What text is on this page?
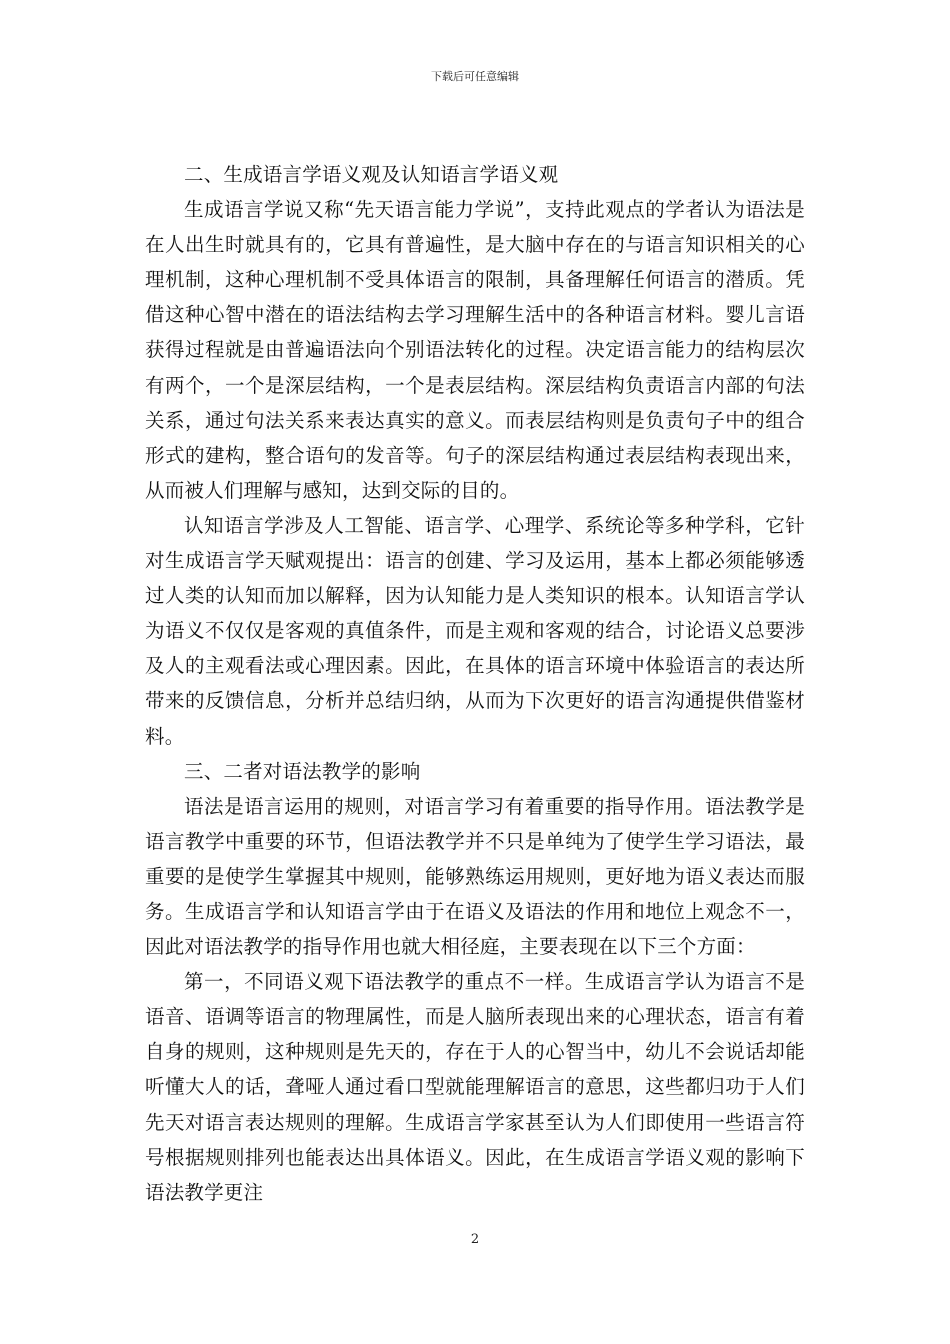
下载后可任意编辑

二、生成语言学语义观及认知语言学语义观

生成语言学说又称“先天语言能力学说”，支持此观点的学者认为语法是在人出生时就具有的，它具有普遍性，是大脑中存在的与语言知识相关的心理机制，这种心理机制不受具体语言的限制，具备理解任何语言的潜质。凭借这种心智中潜在的语法结构去学习理解生活中的各种语言材料。婴儿言语获得过程就是由普遍语法向个别语法转化的过程。决定语言能力的结构层次有两个，一个是深层结构，一个是表层结构。深层结构负责语言内部的句法关系，通过句法关系来表达真实的意义。而表层结构则是负责句子中的组合形式的建构，整合语句的发音等。句子的深层结构通过表层结构表现出来，从而被人们理解与感知，达到交际的目的。

认知语言学涉及人工智能、语言学、心理学、系统论等多种学科，它针对生成语言学天赋观提出：语言的创建、学习及运用，基本上都必须能够透过人类的认知而加以解释，因为认知能力是人类知识的根本。认知语言学认为语义不仅仅是客观的真值条件，而是主观和客观的结合，讨论语义总要涉及人的主观看法或心理因素。因此，在具体的语言环境中体验语言的表达所带来的反馈信息，分析并总结归纳，从而为下次更好的语言沟通提供借鉴材料。

三、二者对语法教学的影响

语法是语言运用的规则，对语言学习有着重要的指导作用。语法教学是语言教学中重要的环节，但语法教学并不只是单纯为了使学生学习语法，最重要的是使学生掌握其中规则，能够熟练运用规则，更好地为语义表达而服务。生成语言学和认知语言学由于在语义及语法的作用和地位上观念不一，因此对语法教学的指导作用也就大相径庭，主要表现在以下三个方面：

第一，不同语义观下语法教学的重点不一样。生成语言学认为语言不是语音、语调等语言的物理属性，而是人脑所表现出来的心理状态，语言有着自身的规则，这种规则是先天的，存在于人的心智当中，幼儿不会说话却能听懂大人的话，聋哑人通过看口型就能理解语言的意思，这些都归功于人们先天对语言表达规则的理解。生成语言学家甚至认为人们即使用一些语言符号根据规则排列也能表达出具体语义。因此，在生成语言学语义观的影响下语法教学更注

2
